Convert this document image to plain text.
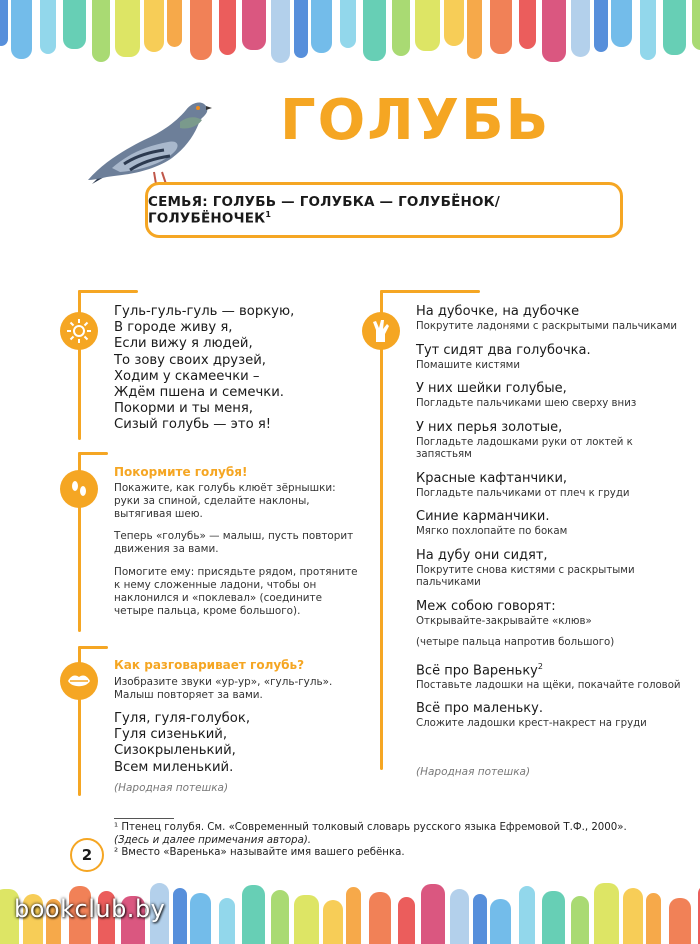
ГОЛУБЬ
СЕМЬЯ: ГОЛУБЬ — ГОЛУБКА — ГОЛУБЁНОК/ГОЛУБЁНОЧЕК$^1$
Гуль-гуль-гуль — воркую,
В городе живу я,
Если вижу я людей,
То зову своих друзей,
Ходим у скамеечки –
Ждём пшена и семечки.
Покорми и ты меня,
Сизый голубь — это я!
Покормите голубя!
Покажите, как голубь клюёт зёрнышки: руки за спиной, сделайте наклоны, вытягивая шею.
Теперь «голубь» — малыш, пусть повторит движения за вами.
Помогите ему: присядьте рядом, протяните к нему сложенные ладони, чтобы он наклонился и «поклевал» (соедините четыре пальца, кроме большого).
Как разговаривает голубь?
Изобразите звуки «ур-ур», «гуль-гуль». Малыш повторяет за вами.
Гуля, гуля-голубок,
Гуля сизенький,
Сизокрыленький,
Всем миленький.
(Народная потешка)
На дубочке, на дубочке
Покрутите ладонями с раскрытыми пальчиками
Тут сидят два голубочка.
Помашите кистями
У них шейки голубые,
Погладьте пальчиками шею сверху вниз
У них перья золотые,
Погладьте ладошками руки от локтей к запястьям
Красные кафтанчики,
Погладьте пальчиками от плеч к груди
Синие карманчики.
Мягко похлопайте по бокам
На дубу они сидят,
Покрутите снова кистями с раскрытыми пальчиками
Меж собою говорят:
Открывайте-закрывайте «клюв»
(четыре пальца напротив большого)
Всё про Вареньку$^2$
Поставьте ладошки на щёки, покачайте головой
Всё про маленьку.
Сложите ладошки крест-накрест на груди
(Народная потешка)
2
¹ Птенец голубя. См. «Современный толковый словарь русского языка Ефремовой Т.Ф., 2000».
(Здесь и далее примечания автора).
² Вместо «Варенька» называйте имя вашего ребёнка.
bookclub.by
